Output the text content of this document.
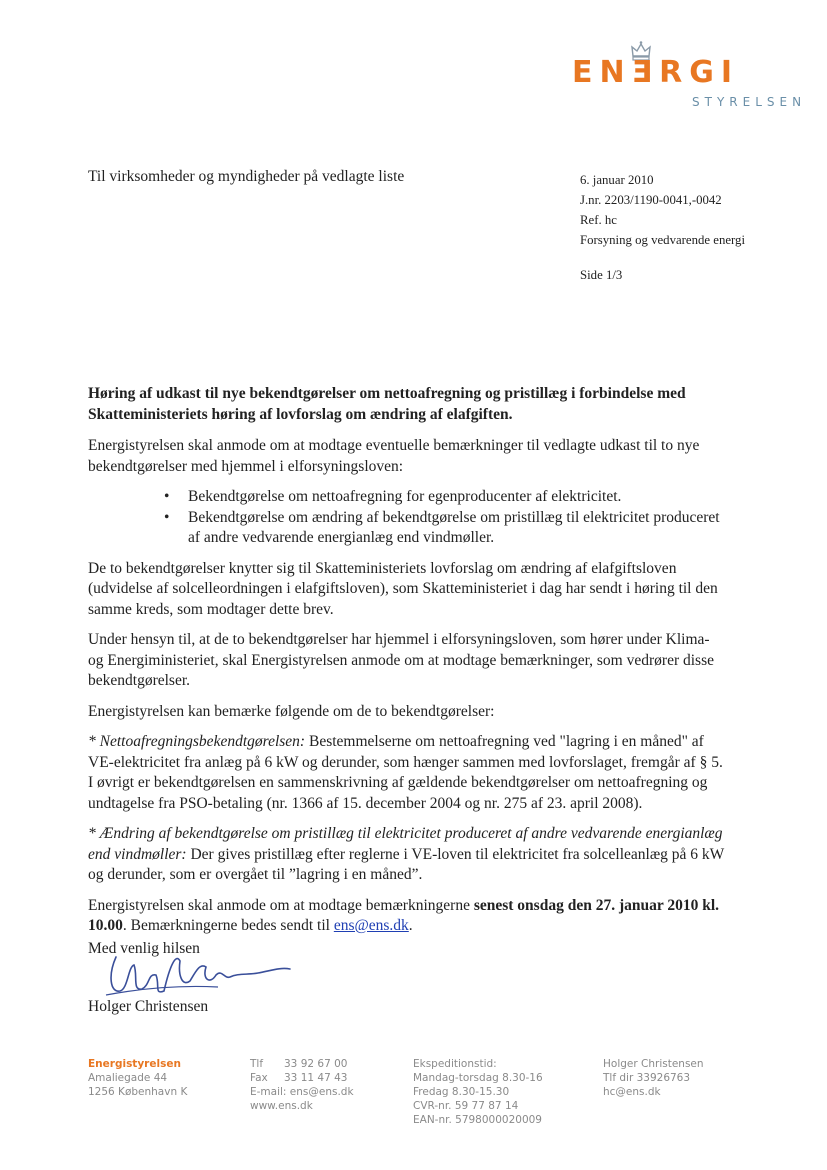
ENƎRGI
STYRELSEN
Til virksomheder og myndigheder på vedlagte liste	6. januar 2010
J.nr. 2203/1190-0041,-0042
Ref. hc
Forsyning og vedvarende energi
Side 1/3

Høring af udkast til nye bekendtgørelser om nettoafregning og pristillæg i forbindelse med Skatteministeriets høring af lovforslag om ændring af elafgiften.

Energistyrelsen skal anmode om at modtage eventuelle bemærkninger til vedlagte udkast til to nye bekendtgørelser med hjemmel i elforsyningsloven:

• Bekendtgørelse om nettoafregning for egenproducenter af elektricitet.
• Bekendtgørelse om ændring af bekendtgørelse om pristillæg til elektricitet produceret af andre vedvarende energianlæg end vindmøller.

De to bekendtgørelser knytter sig til Skatteministeriets lovforslag om ændring af elafgiftsloven (udvidelse af solcelleordningen i elafgiftsloven), som Skatteministeriet i dag har sendt i høring til den samme kreds, som modtager dette brev.

Under hensyn til, at de to bekendtgørelser har hjemmel i elforsyningsloven, som hører under Klima- og Energiministeriet, skal Energistyrelsen anmode om at modtage bemærkninger, som vedrører disse bekendtgørelser.

Energistyrelsen kan bemærke følgende om de to bekendtgørelser:

* Nettoafregningsbekendtgørelsen: Bestemmelserne om nettoafregning ved "lagring i en måned" af VE-elektricitet fra anlæg på 6 kW og derunder, som hænger sammen med lovforslaget, fremgår af § 5. I øvrigt er bekendtgørelsen en sammenskrivning af gældende bekendtgørelser om nettoafregning og undtagelse fra PSO-betaling (nr. 1366 af 15. december 2004 og nr. 275 af 23. april 2008).

* Ændring af bekendtgørelse om pristillæg til elektricitet produceret af andre vedvarende energianlæg end vindmøller: Der gives pristillæg efter reglerne i VE-loven til elektricitet fra solcelleanlæg på 6 kW og derunder, som er overgået til ”lagring i en måned”.

Energistyrelsen skal anmode om at modtage bemærkningerne senest onsdag den 27. januar 2010 kl. 10.00. Bemærkningerne bedes sendt til ens@ens.dk.

Med venlig hilsen
Holger Christensen
Energistyrelsen
Amaliegade 44
1256 København K
Tlf 33 92 67 00
Fax 33 11 47 43
E-mail: ens@ens.dk
www.ens.dk
Ekspeditionstid:
Mandag-torsdag 8.30-16
Fredag 8.30-15.30
CVR-nr. 59 77 87 14
EAN-nr. 5798000020009
Holger Christensen
Tlf dir 33926763
hc@ens.dk
